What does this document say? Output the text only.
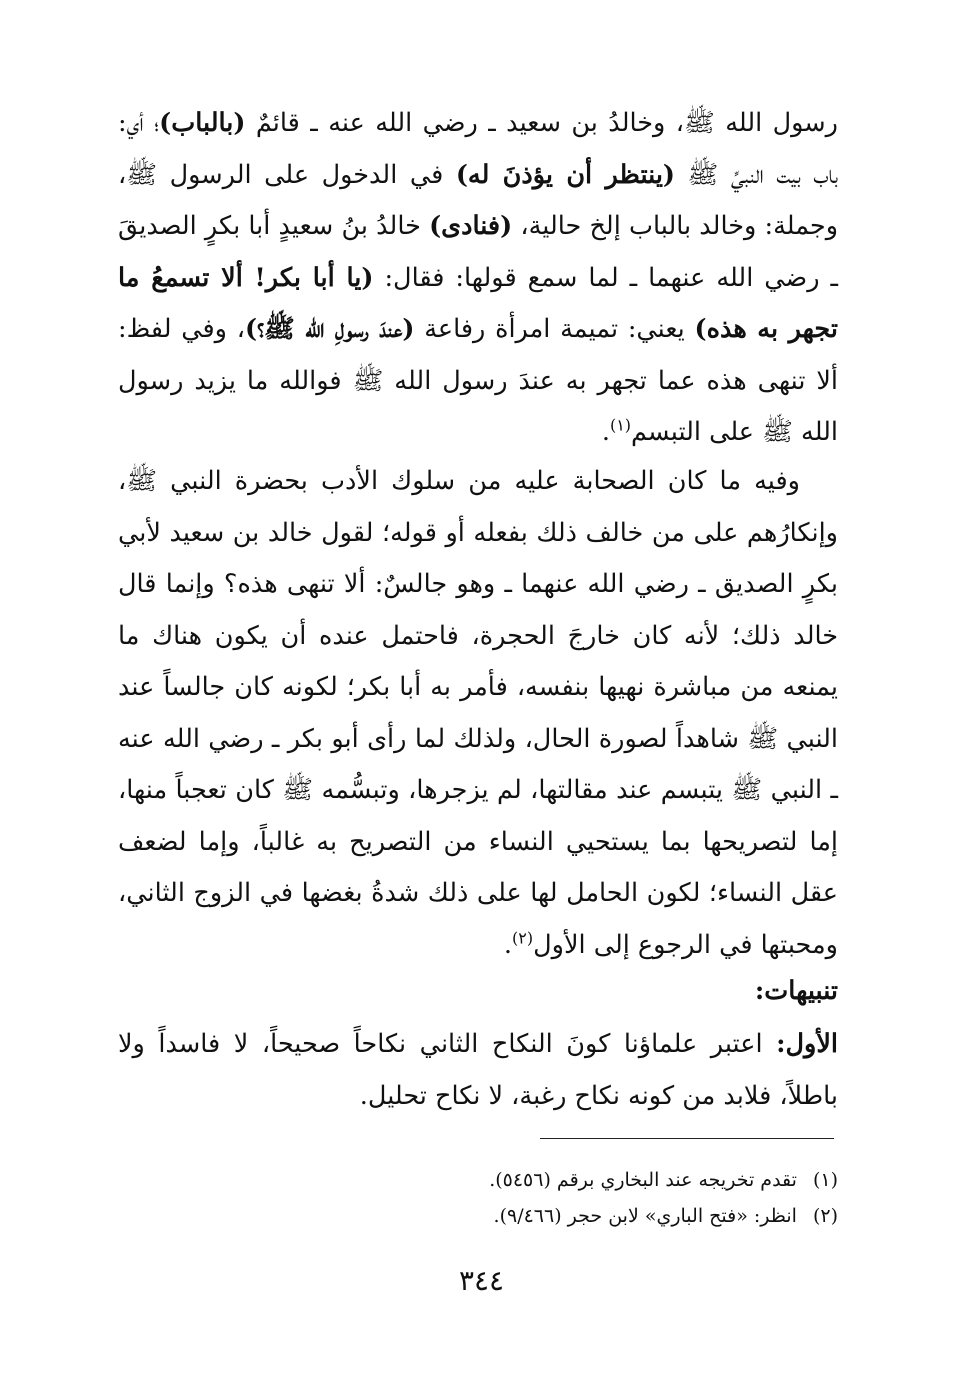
رسول الله ﷺ، وخالدُ بن سعيد ـ رضي الله عنه ـ قائمٌ (بالباب)؛ أي: باب بيت النبيِّ ﷺ (ينتظر أن يؤذنَ له) في الدخول على الرسول ﷺ، وجملة: وخالد بالباب إلخ حالية، (فنادى) خالدُ بنُ سعيدٍ أبا بكرٍ الصديقَ ـ رضي الله عنهما ـ لما سمع قولها: فقال: (يا أبا بكر! ألا تسمعُ ما تجهر به هذه) يعني: تميمة امرأة رفاعة (عندَ رسولِ الله ﷺ؟)، وفي لفظ: ألا تنهى هذه عما تجهر به عندَ رسول الله ﷺ فوالله ما يزيد رسول الله ﷺ على التبسم$^{(١)}$.

وفيه ما كان الصحابة عليه من سلوك الأدب بحضرة النبي ﷺ، وإنكارُهم على من خالف ذلك بفعله أو قوله؛ لقول خالد بن سعيد لأبي بكرٍ الصديق ـ رضي الله عنهما ـ وهو جالسٌ: ألا تنهى هذه؟ وإنما قال خالد ذلك؛ لأنه كان خارجَ الحجرة، فاحتمل عنده أن يكون هناك ما يمنعه من مباشرة نهيها بنفسه، فأمر به أبا بكر؛ لكونه كان جالساً عند النبي ﷺ شاهداً لصورة الحال، ولذلك لما رأى أبو بكر ـ رضي الله عنه ـ النبي ﷺ يتبسم عند مقالتها، لم يزجرها، وتبسُّمه ﷺ كان تعجباً منها، إما لتصريحها بما يستحيي النساء من التصريح به غالباً، وإما لضعف عقل النساء؛ لكون الحامل لها على ذلك شدةُ بغضها في الزوج الثاني، ومحبتها في الرجوع إلى الأول$^{(٢)}$.

تنبيهات:

الأول: اعتبر علماؤنا كونَ النكاح الثاني نكاحاً صحيحاً، لا فاسداً ولا باطلاً، فلابد من كونه نكاح رغبة، لا نكاح تحليل.

(١)تقدم تخريجه عند البخاري برقم (٥٤٥٦).
(٢)انظر: «فتح الباري» لابن حجر (٩/٤٦٦).
٣٤٤
